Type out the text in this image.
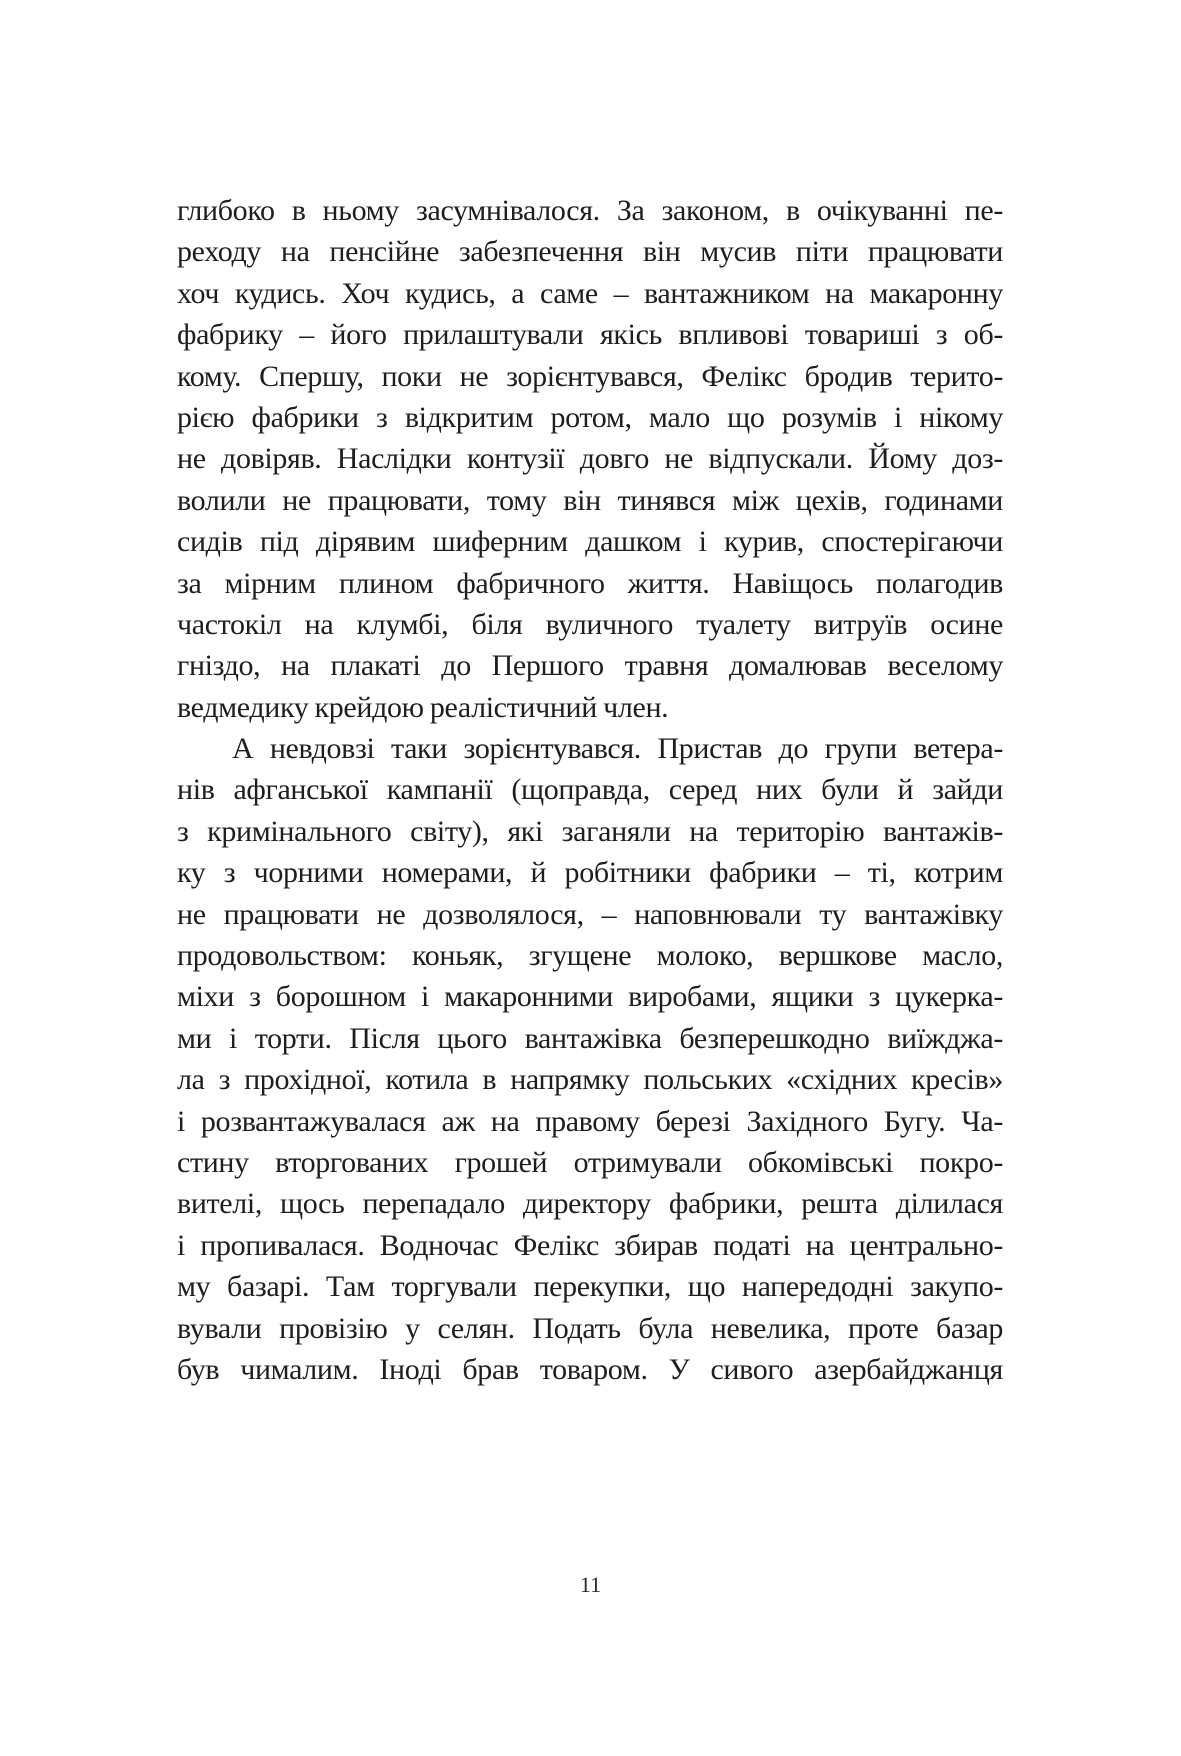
глибоко в ньому засумнівалося. За законом, в очікуванні пе-
реходу на пенсійне забезпечення він мусив піти працювати
хоч кудись. Хоч кудись, а саме – вантажником на макаронну
фабрику – його прилаштували якісь впливові товариші з об-
кому. Спершу, поки не зорієнтувався, Фелікс бродив терито-
рією фабрики з відкритим ротом, мало що розумів і нікому
не довіряв. Наслідки контузії довго не відпускали. Йому доз-
волили не працювати, тому він тинявся між цехів, годинами
сидів під дірявим шиферним дашком і курив, спостерігаючи
за мірним плином фабричного життя. Навіщось полагодив
частокіл на клумбі, біля вуличного туалету витруїв осине
гніздо, на плакаті до Першого травня домалював веселому
ведмедику крейдою реалістичний член.
А невдовзі таки зорієнтувався. Пристав до групи ветера-
нів афганської кампанії (щоправда, серед них були й зайди
з кримінального світу), які заганяли на територію вантажів-
ку з чорними номерами, й робітники фабрики – ті, котрим
не працювати не дозволялося, – наповнювали ту вантажівку
продовольством: коньяк, згущене молоко, вершкове масло,
міхи з борошном і макаронними виробами, ящики з цукерка-
ми і торти. Після цього вантажівка безперешкодно виїжджа-
ла з прохідної, котила в напрямку польських «східних кресів»
і розвантажувалася аж на правому березі Західного Бугу. Ча-
стину вторгованих грошей отримували обкомівські покро-
вителі, щось перепадало директору фабрики, решта ділилася
і пропивалася. Водночас Фелікс збирав податі на центрально-
му базарі. Там торгували перекупки, що напередодні закупо-
вували провізію у селян. Подать була невелика, проте базар
був чималим. Іноді брав товаром. У сивого азербайджанця
11
